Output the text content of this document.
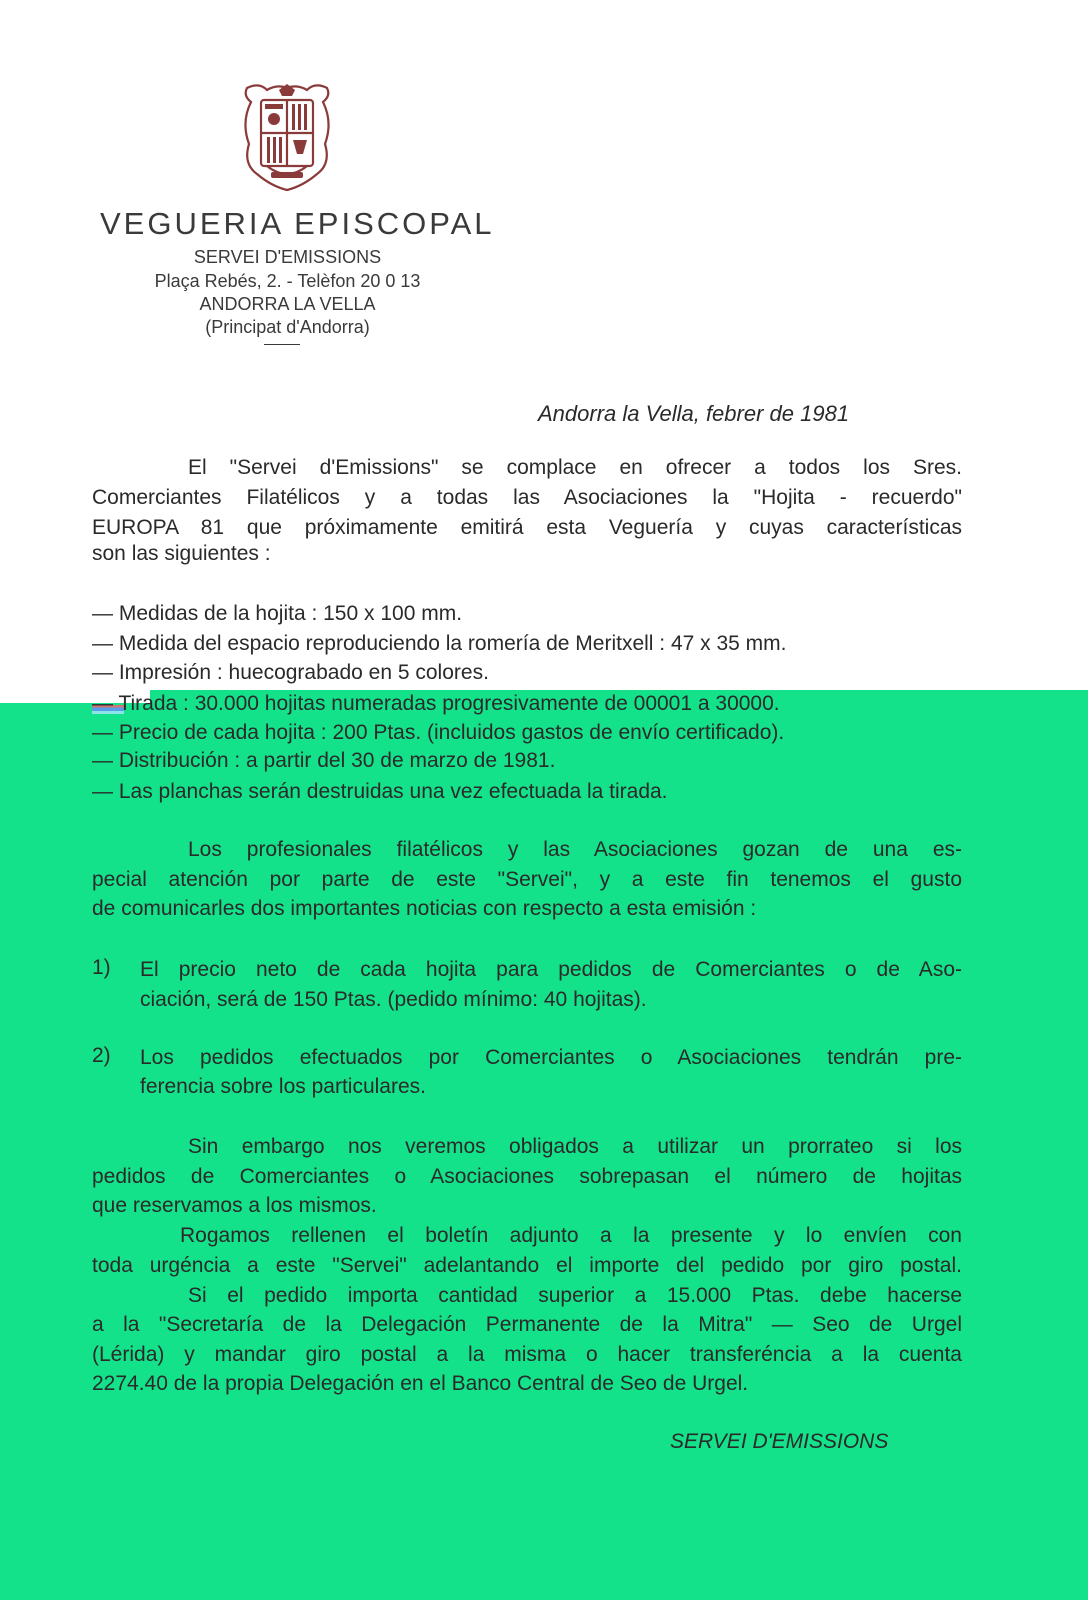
VEGUERIA EPISCOPAL
SERVEI D'EMISSIONS
Plaça Rebés, 2. - Telèfon 20 0 13
ANDORRA LA VELLA
(Principat d'Andorra)
Andorra la Vella, febrer de 1981
El "Servei d'Emissions" se complace en ofrecer a todos los Sres.
Comerciantes Filatélicos y a todas las Asociaciones la "Hojita - recuerdo"
EUROPA 81 que próximamente emitirá esta Veguería y cuyas características
son las siguientes :
— Medidas de la hojita : 150 x 100 mm.
— Medida del espacio reproduciendo la romería de Meritxell : 47 x 35 mm.
— Impresión : huecograbado en 5 colores.
— Tirada : 30.000 hojitas numeradas progresivamente de 00001 a 30000.
— Precio de cada hojita : 200 Ptas. (incluidos gastos de envío certificado).
— Distribución : a partir del 30 de marzo de 1981.
— Las planchas serán destruidas una vez efectuada la tirada.
Los profesionales filatélicos y las Asociaciones gozan de una es-
pecial atención por parte de este "Servei", y a este fin tenemos el gusto
de comunicarles dos importantes noticias con respecto a esta emisión :
1) El precio neto de cada hojita para pedidos de Comerciantes o de Aso-
ciación, será de 150 Ptas. (pedido mínimo: 40 hojitas).
2) Los pedidos efectuados por Comerciantes o Asociaciones tendrán pre-
ferencia sobre los particulares.
Sin embargo nos veremos obligados a utilizar un prorrateo si los
pedidos de Comerciantes o Asociaciones sobrepasan el número de hojitas
que reservamos a los mismos.
Rogamos rellenen el boletín adjunto a la presente y lo envíen con
toda urgéncia a este "Servei" adelantando el importe del pedido por giro postal.
Si el pedido importa cantidad superior a 15.000 Ptas. debe hacerse
a la "Secretaría de la Delegación Permanente de la Mitra" — Seo de Urgel
(Lérida) y mandar giro postal a la misma o hacer transferéncia a la cuenta
2274.40 de la propia Delegación en el Banco Central de Seo de Urgel.
SERVEI D'EMISSIONS
